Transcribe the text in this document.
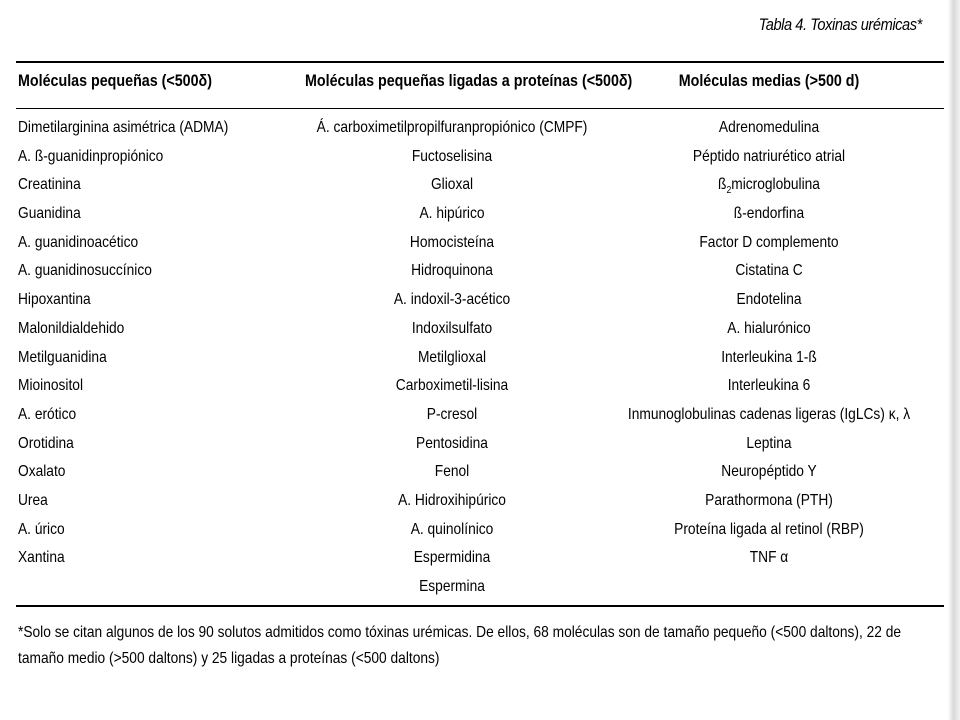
Tabla 4. Toxinas urémicas*
Moléculas pequeñas (<500δ)	Moléculas pequeñas ligadas a proteínas (<500δ)	Moléculas medias (>500 d)
Dimetilarginina asimétrica (ADMA)
A. ß-guanidinpropiónico
Creatinina
Guanidina
A. guanidinoacético
A. guanidinosuccínico
Hipoxantina
Malonildialdehido
Metilguanidina
Mioinositol
A. erótico
Orotidina
Oxalato
Urea
A. úrico
Xantina
Á. carboximetilpropilfuranpropiónico (CMPF)
Fuctoselisina
Glioxal
A. hipúrico
Homocisteína
Hidroquinona
A. indoxil-3-acético
Indoxilsulfato
Metilglioxal
Carboximetil-lisina
P-cresol
Pentosidina
Fenol
A. Hidroxihipúrico
A. quinolínico
Espermidina
Espermina
Adrenomedulina
Péptido natriurético atrial
$ß_2microglobulina$
ß-endorfina
Factor D complemento
Cistatina C
Endotelina
A. hialurónico
Interleukina 1-ß
Interleukina 6
Inmunoglobulinas cadenas ligeras (IgLCs) κ, λ
Leptina
Neuropéptido Y
Parathormona (PTH)
Proteína ligada al retinol (RBP)
TNF α
*Solo se citan algunos de los 90 solutos admitidos como tóxinas urémicas. De ellos, 68 moléculas son de tamaño pequeño (<500 daltons), 22 de tamaño medio (>500 daltons) y 25 ligadas a proteínas (<500 daltons)
